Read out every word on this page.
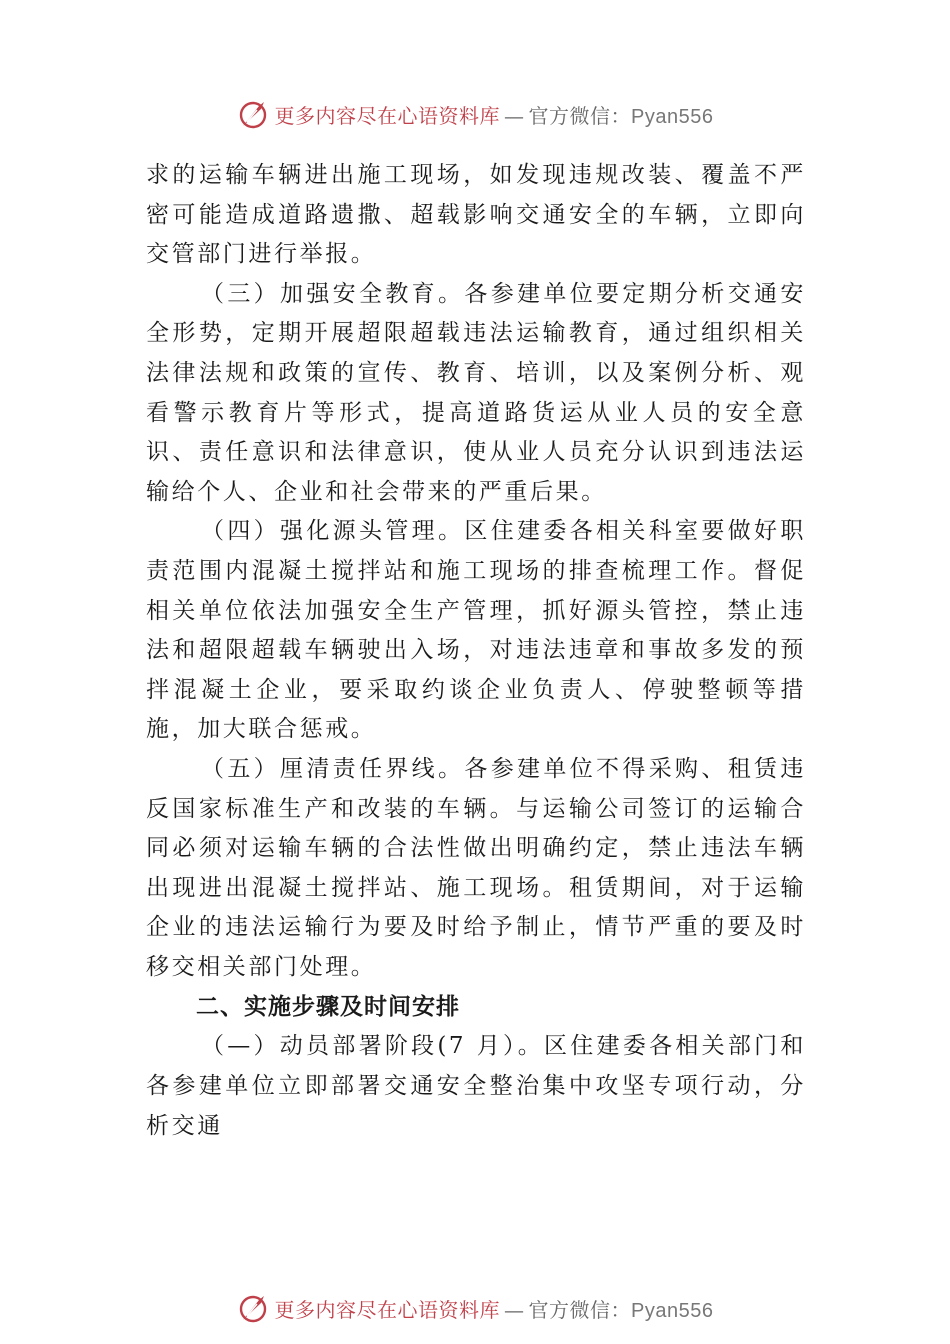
更多内容尽在心语资料库 — 官方微信：Pyan556

求的运输车辆进出施工现场，如发现违规改装、覆盖不严密可能造成道路遗撒、超载影响交通安全的车辆，立即向交管部门进行举报。

（三）加强安全教育。各参建单位要定期分析交通安全形势，定期开展超限超载违法运输教育，通过组织相关法律法规和政策的宣传、教育、培训，以及案例分析、观看警示教育片等形式，提高道路货运从业人员的安全意识、责任意识和法律意识，使从业人员充分认识到违法运输给个人、企业和社会带来的严重后果。

（四）强化源头管理。区住建委各相关科室要做好职责范围内混凝土搅拌站和施工现场的排查梳理工作。督促相关单位依法加强安全生产管理，抓好源头管控，禁止违法和超限超载车辆驶出入场，对违法违章和事故多发的预拌混凝土企业，要采取约谈企业负责人、停驶整顿等措施，加大联合惩戒。

（五）厘清责任界线。各参建单位不得采购、租赁违反国家标准生产和改装的车辆。与运输公司签订的运输合同必须对运输车辆的合法性做出明确约定，禁止违法车辆出现进出混凝土搅拌站、施工现场。租赁期间，对于运输企业的违法运输行为要及时给予制止，情节严重的要及时移交相关部门处理。

二、实施步骤及时间安排

（—）动员部署阶段(7 月）。区住建委各相关部门和各参建单位立即部署交通安全整治集中攻坚专项行动，分析交通

更多内容尽在心语资料库 — 官方微信：Pyan556
